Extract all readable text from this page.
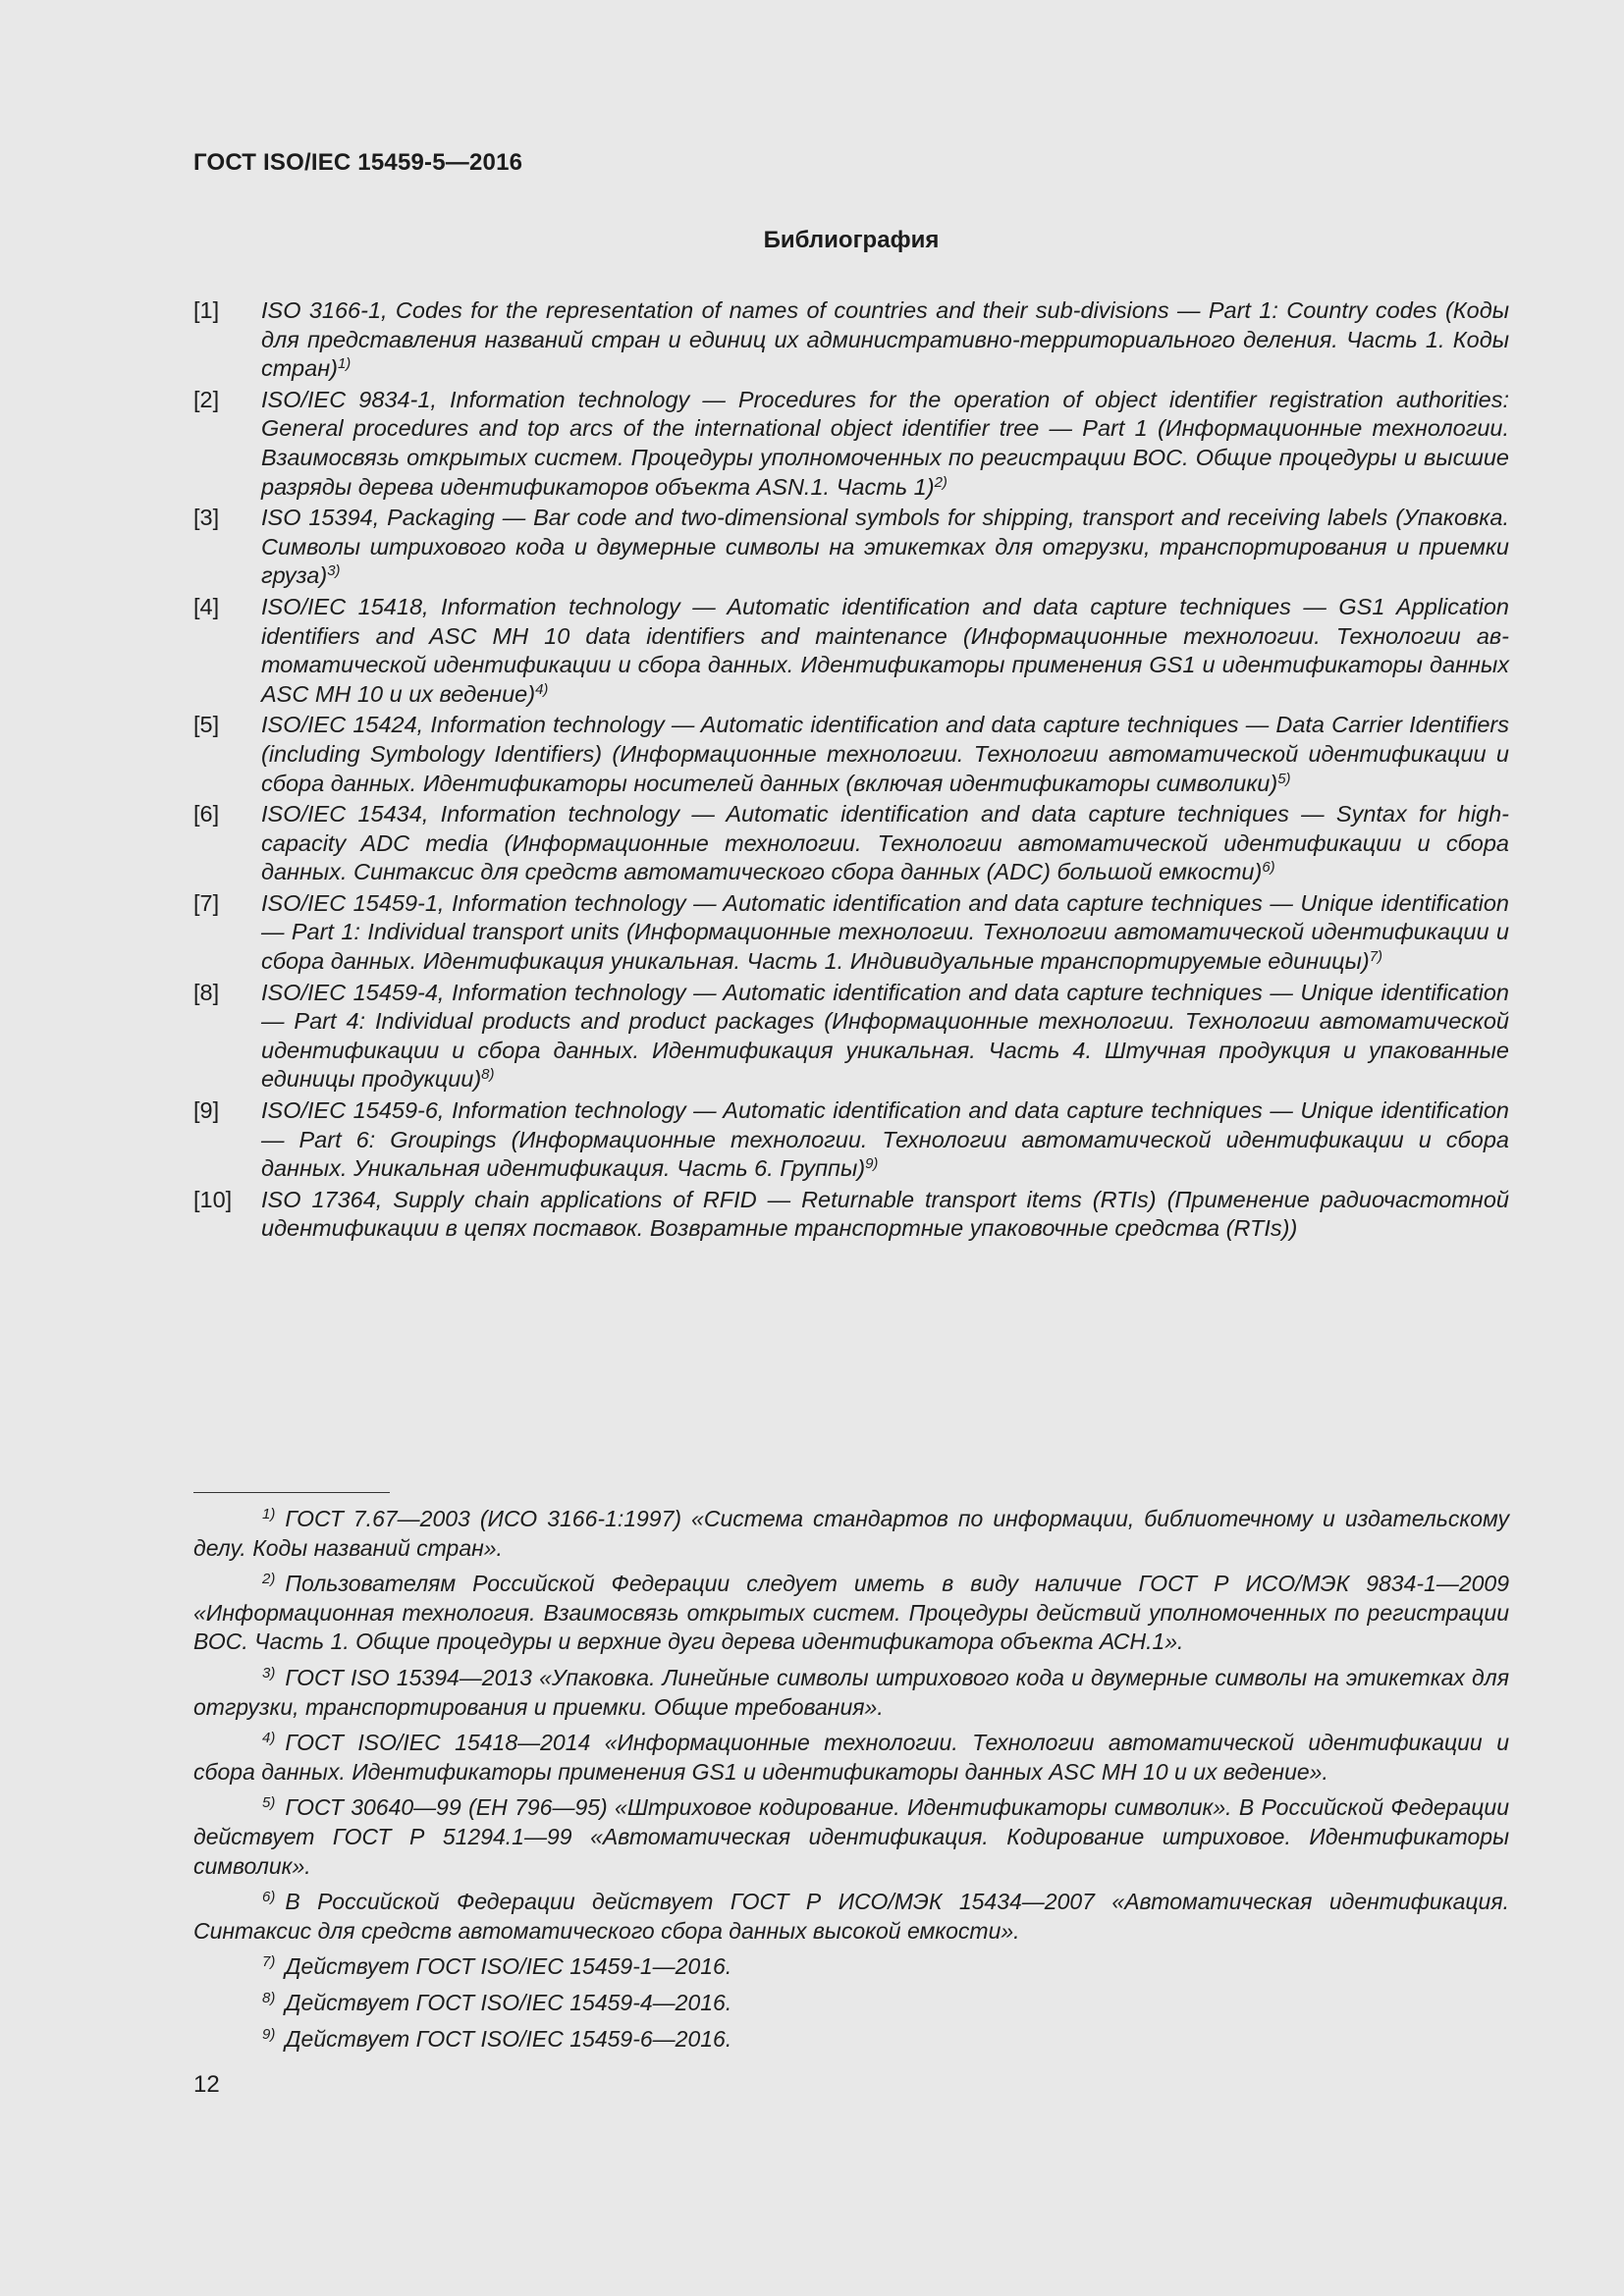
ГОСТ ISO/IEC 15459-5—2016
Библиография
[1]	ISO 3166-1, Codes for the representation of names of countries and their sub-divisions — Part 1: Country codes (Коды для представления названий стран и единиц их административно-территориального деления. Часть 1. Коды стран)$^{1)}$
[2]	ISO/IEC 9834-1, Information technology — Procedures for the operation of object identifier registration authorities: General procedures and top arcs of the international object identifier tree — Part 1 (Информационные технологии. Взаимосвязь открытых систем. Процедуры уполномоченных по регистрации ВОС. Общие процедуры и высшие разряды дерева идентификаторов объекта ASN.1. Часть 1)$^{2)}$
[3]	ISO 15394, Packaging — Bar code and two-dimensional symbols for shipping, transport and receiving labels (Упаковка. Символы штрихового кода и двумерные символы на этикетках для отгрузки, транспортирования и приемки груза)$^{3)}$
[4]	ISO/IEC 15418, Information technology — Automatic identification and data capture techniques — GS1 Application identifiers and ASC MH 10 data identifiers and maintenance (Информационные технологии. Технологии автоматической идентификации и сбора данных. Идентификаторы применения GS1 и идентификаторы данных ASC MH 10 и их ведение)$^{4)}$
[5]	ISO/IEC 15424, Information technology — Automatic identification and data capture techniques — Data Carrier Identifiers (including Symbology Identifiers) (Информационные технологии. Технологии автоматической идентификации и сбора данных. Идентификаторы носителей данных (включая идентификаторы символики)$^{5)}$
[6]	ISO/IEC 15434, Information technology — Automatic identification and data capture techniques — Syntax for high-capacity ADC media (Информационные технологии. Технологии автоматической идентификации и сбора данных. Синтаксис для средств автоматического сбора данных (ADC) большой емкости)$^{6)}$
[7]	ISO/IEC 15459-1, Information technology — Automatic identification and data capture techniques — Unique identification — Part 1: Individual transport units (Информационные технологии. Технологии автоматической идентификации и сбора данных. Идентификация уникальная. Часть 1. Индивидуальные транспортируемые единицы)$^{7)}$
[8]	ISO/IEC 15459-4, Information technology — Automatic identification and data capture techniques — Unique identification — Part 4: Individual products and product packages (Информационные технологии. Технологии автоматической идентификации и сбора данных. Идентификация уникальная. Часть 4. Штучная продукция и упакованные единицы продукции)$^{8)}$
[9]	ISO/IEC 15459-6, Information technology — Automatic identification and data capture techniques — Unique identification — Part 6: Groupings (Информационные технологии. Технологии автоматической идентификации и сбора данных. Уникальная идентификация. Часть 6. Группы)$^{9)}$
[10]	ISO 17364, Supply chain applications of RFID — Returnable transport items (RTIs) (Применение радиочастотной идентификации в цепях поставок. Возвратные транспортные упаковочные средства (RTIs))
$^{1)}$ ГОСТ 7.67—2003 (ИСО 3166-1:1997) «Система стандартов по информации, библиотечному и издательскому делу. Коды названий стран».
$^{2)}$ Пользователям Российской Федерации следует иметь в виду наличие ГОСТ Р ИСО/МЭК 9834-1—2009 «Информационная технология. Взаимосвязь открытых систем. Процедуры действий уполномоченных по регистрации ВОС. Часть 1. Общие процедуры и верхние дуги дерева идентификатора объекта АСН.1».
$^{3)}$ ГОСТ ISO 15394—2013 «Упаковка. Линейные символы штрихового кода и двумерные символы на этикетках для отгрузки, транспортирования и приемки. Общие требования».
$^{4)}$ ГОСТ ISO/IEC 15418—2014 «Информационные технологии. Технологии автоматической идентификации и сбора данных. Идентификаторы применения GS1 и идентификаторы данных ASC MH 10 и их ведение».
$^{5)}$ ГОСТ 30640—99 (ЕН 796—95) «Штриховое кодирование. Идентификаторы символик». В Российской Федерации действует ГОСТ Р 51294.1—99 «Автоматическая идентификация. Кодирование штриховое. Идентификаторы символик».
$^{6)}$ В Российской Федерации действует ГОСТ Р ИСО/МЭК 15434—2007 «Автоматическая идентификация. Синтаксис для средств автоматического сбора данных высокой емкости».
$^{7)}$ Действует ГОСТ ISO/IEC 15459-1—2016.
$^{8)}$ Действует ГОСТ ISO/IEC 15459-4—2016.
$^{9)}$ Действует ГОСТ ISO/IEC 15459-6—2016.
12
